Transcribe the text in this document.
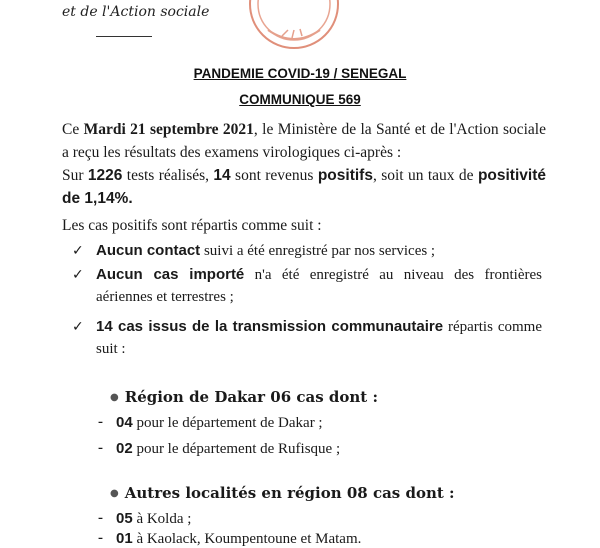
et de l'Action sociale
PANDEMIE COVID-19 / SENEGAL
COMMUNIQUE 569
Ce Mardi 21 septembre 2021, le Ministère de la Santé et de l'Action sociale a reçu les résultats des examens virologiques ci-après :
Sur 1226 tests réalisés, 14 sont revenus positifs, soit un taux de positivité de 1,14%.
Les cas positifs sont répartis comme suit :
✓ Aucun contact suivi a été enregistré par nos services ;
✓ Aucun cas importé n'a été enregistré au niveau des frontières aériennes et terrestres ;
✓ 14 cas issus de la transmission communautaire répartis comme suit :
● Région de Dakar 06 cas dont :
- 04 pour le département de Dakar ;
- 02 pour le département de Rufisque ;
● Autres localités en région 08 cas dont :
- 05 à Kolda ;
- 01 à Kaolack, Koumpentoune et Matam.
